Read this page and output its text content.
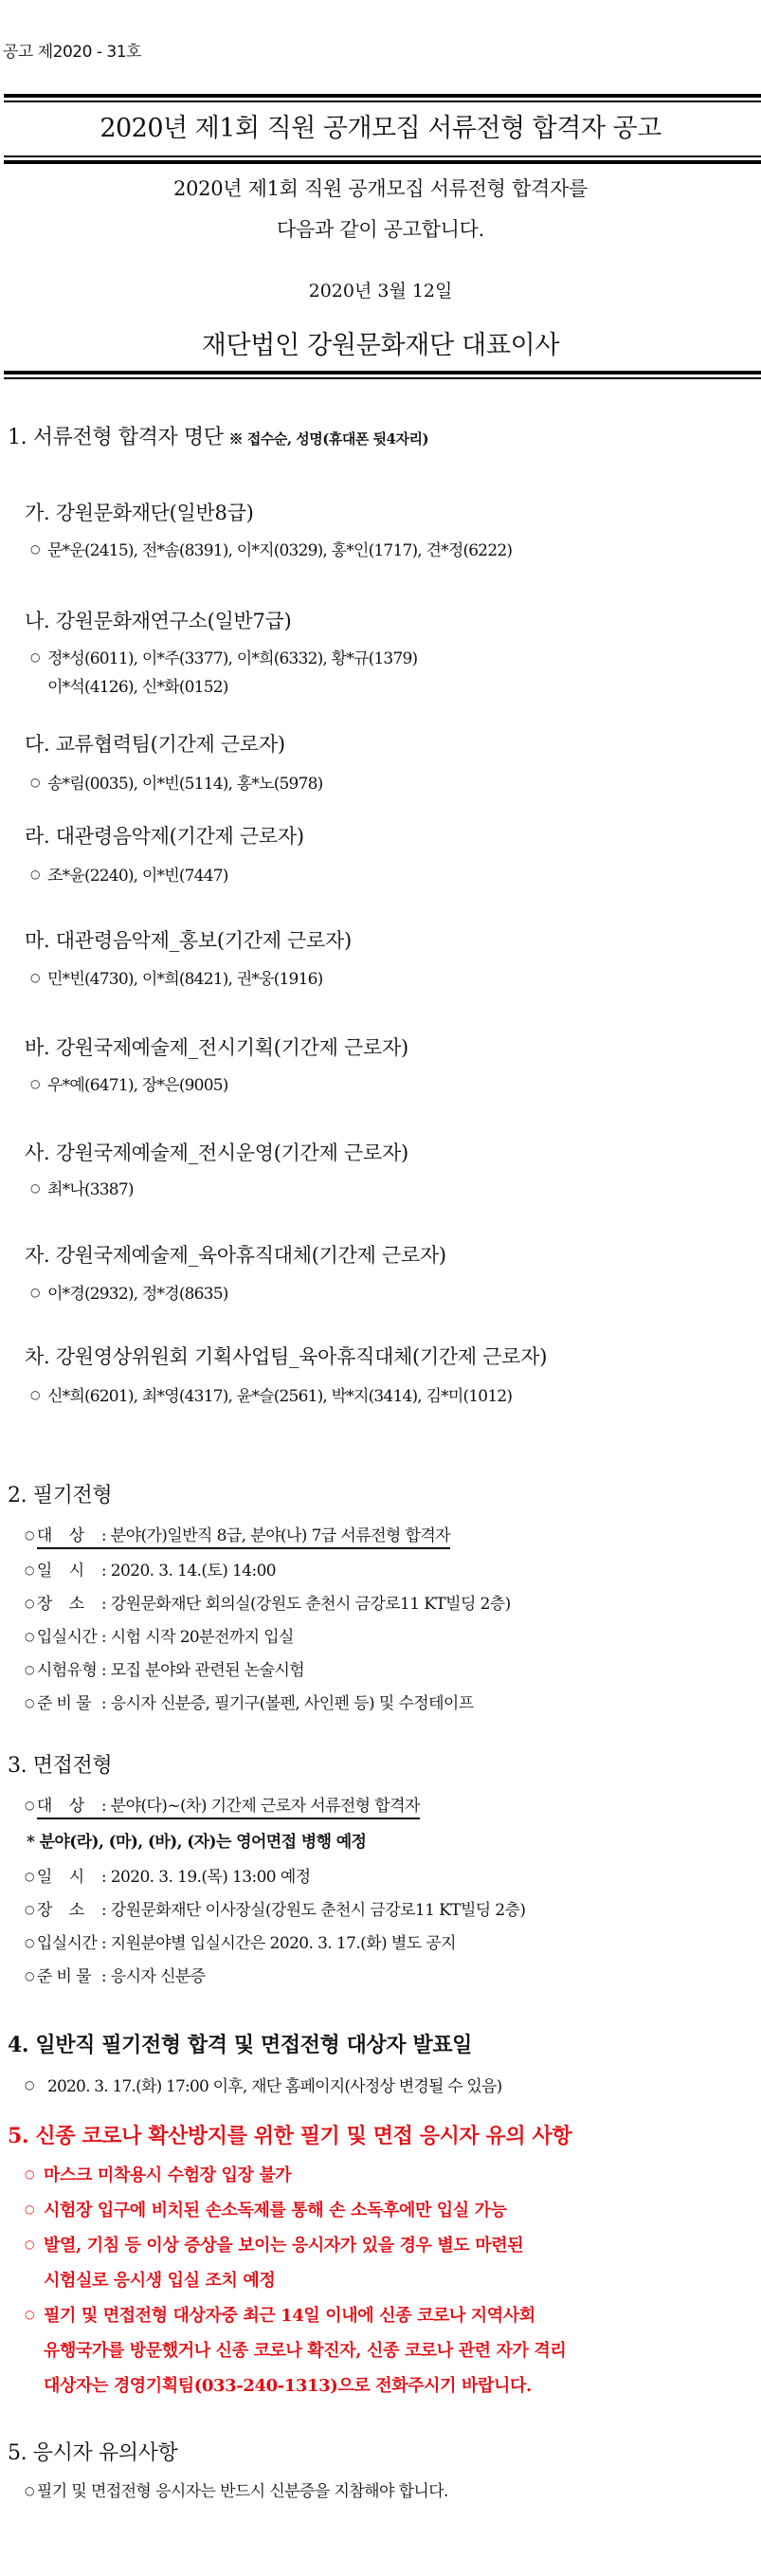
공고 제2020 - 31호
2020년 제1회 직원 공개모집 서류전형 합격자 공고
2020년 제1회 직원 공개모집 서류전형 합격자를
다음과 같이 공고합니다.
2020년 3월 12일
재단법인 강원문화재단 대표이사
1. 서류전형 합격자 명단 ※ 접수순, 성명(휴대폰 뒷4자리)
가. 강원문화재단(일반8급)
○ 문*운(2415), 전*솜(8391), 이*지(0329), 홍*인(1717), 견*정(6222)
나. 강원문화재연구소(일반7급)
○ 정*성(6011), 이*주(3377), 이*희(6332), 황*규(1379)
이*석(4126), 신*화(0152)
다. 교류협력팀(기간제 근로자)
○ 송*림(0035), 이*빈(5114), 홍*노(5978)
라. 대관령음악제(기간제 근로자)
○ 조*윤(2240), 이*빈(7447)
마. 대관령음악제_홍보(기간제 근로자)
○ 민*빈(4730), 이*희(8421), 권*웅(1916)
바. 강원국제예술제_전시기획(기간제 근로자)
○ 우*예(6471), 장*은(9005)
사. 강원국제예술제_전시운영(기간제 근로자)
○ 최*나(3387)
자. 강원국제예술제_육아휴직대체(기간제 근로자)
○ 이*경(2932), 정*경(8635)
차. 강원영상위원회 기획사업팀_육아휴직대체(기간제 근로자)
○ 신*희(6201), 최*영(4317), 윤*슬(2561), 박*지(3414), 김*미(1012)
2. 필기전형
○ 대 상 : 분야(가)일반직 8급, 분야(나) 7급 서류전형 합격자
○ 일 시 : 2020. 3. 14.(토) 14:00
○ 장 소 : 강원문화재단 회의실(강원도 춘천시 금강로11 KT빌딩 2층)
○ 입실시간 : 시험 시작 20분전까지 입실
○ 시험유형 : 모집 분야와 관련된 논술시험
○ 준 비 물 : 응시자 신분증, 필기구(볼펜, 사인펜 등) 및 수정테이프
3. 면접전형
○ 대 상 : 분야(다)~(차) 기간제 근로자 서류전형 합격자
* 분야(라), (마), (바), (자)는 영어면접 병행 예정
○ 일 시 : 2020. 3. 19.(목) 13:00 예정
○ 장 소 : 강원문화재단 이사장실(강원도 춘천시 금강로11 KT빌딩 2층)
○ 입실시간 : 지원분야별 입실시간은 2020. 3. 17.(화) 별도 공지
○ 준 비 물 : 응시자 신분증
4. 일반직 필기전형 합격 및 면접전형 대상자 발표일
○ 2020. 3. 17.(화) 17:00 이후, 재단 홈페이지(사정상 변경될 수 있음)
5. 신종 코로나 확산방지를 위한 필기 및 면접 응시자 유의 사항
○ 마스크 미착용시 수험장 입장 불가
○ 시험장 입구에 비치된 손소독제를 통해 손 소독후에만 입실 가능
○ 발열, 기침 등 이상 증상을 보이는 응시자가 있을 경우 별도 마련된
시험실로 응시생 입실 조치 예정
○ 필기 및 면접전형 대상자중 최근 14일 이내에 신종 코로나 지역사회
유행국가를 방문했거나 신종 코로나 확진자, 신종 코로나 관련 자가 격리
대상자는 경영기획팀(033-240-1313)으로 전화주시기 바랍니다.
5. 응시자 유의사항
○ 필기 및 면접전형 응시자는 반드시 신분증을 지참해야 합니다.
